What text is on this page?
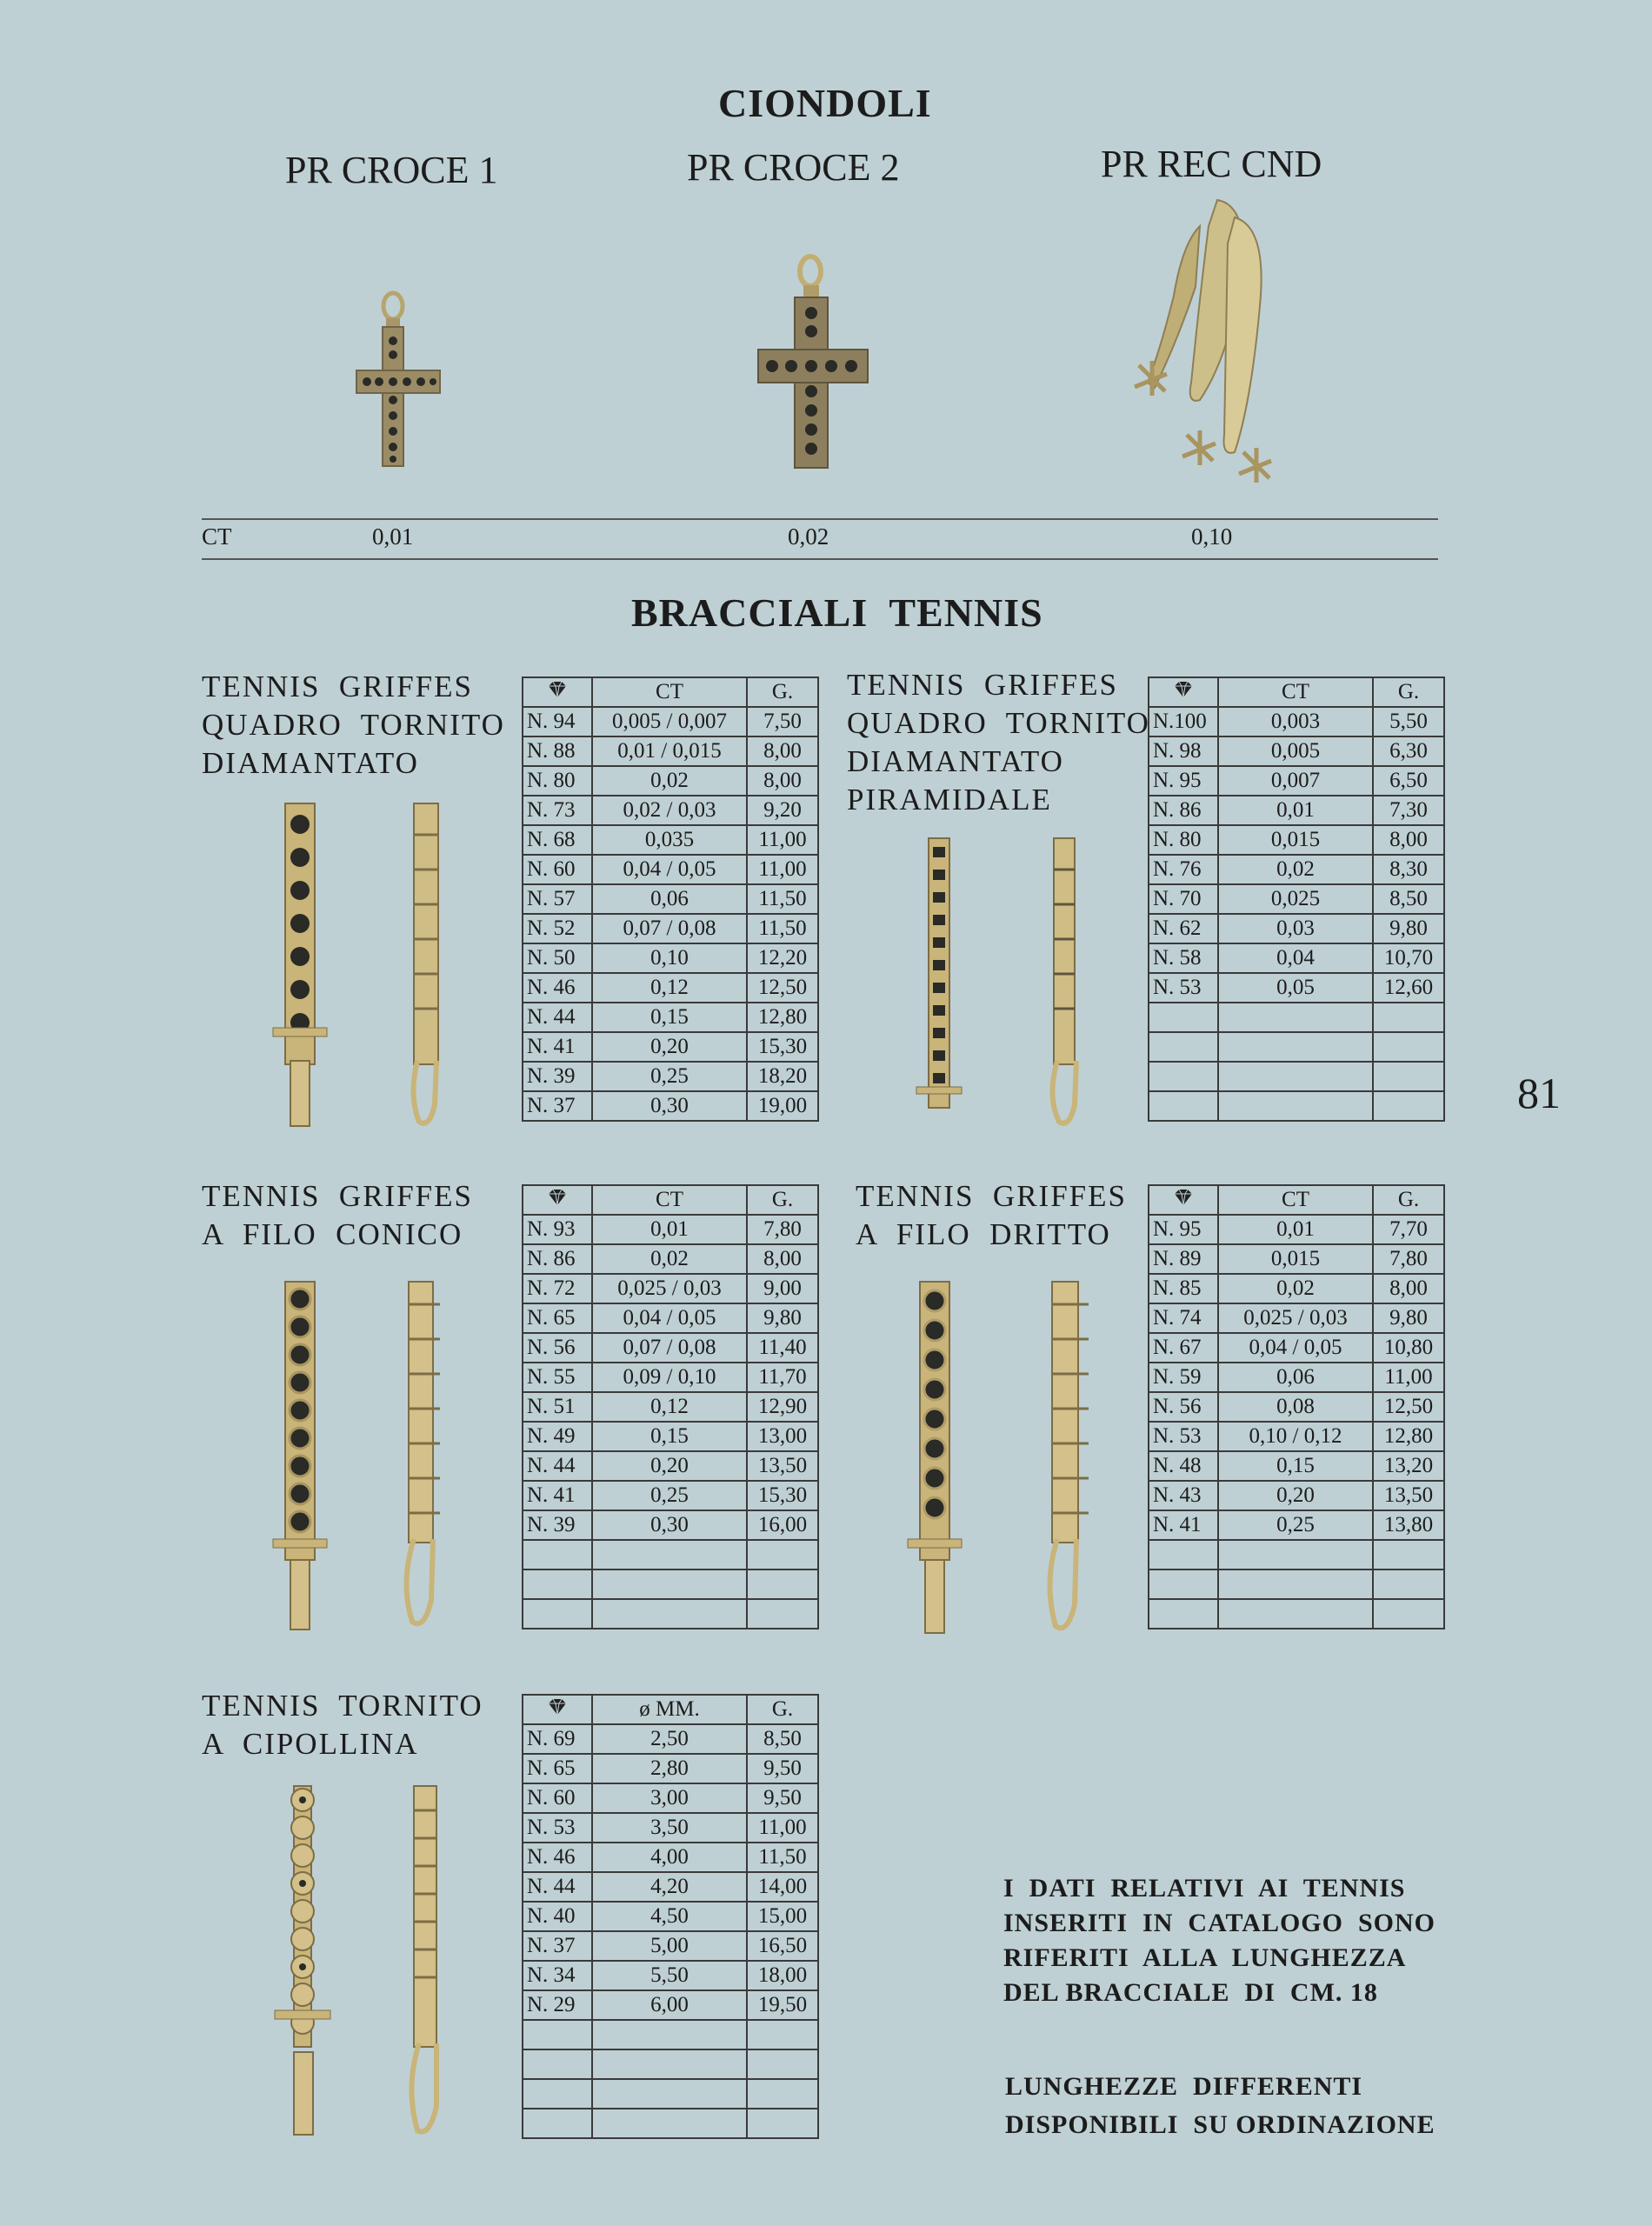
CIONDOLI
PR CROCE 1	PR CROCE 2	PR REC CND
CT	0,01	0,02	0,10
BRACCIALI  TENNIS
81
TENNIS  GRIFFES
QUADRO  TORNITO
DIAMANTATO
	CT	G.
N. 94	0,005 / 0,007	7,50
N. 88	0,01 / 0,015	8,00
N. 80	0,02	8,00
N. 73	0,02 / 0,03	9,20
N. 68	0,035	11,00
N. 60	0,04 / 0,05	11,00
N. 57	0,06	11,50
N. 52	0,07 / 0,08	11,50
N. 50	0,10	12,20
N. 46	0,12	12,50
N. 44	0,15	12,80
N. 41	0,20	15,30
N. 39	0,25	18,20
N. 37	0,30	19,00
TENNIS  GRIFFES
QUADRO  TORNITO
DIAMANTATO
PIRAMIDALE
	CT	G.
N.100	0,003	5,50
N. 98	0,005	6,30
N. 95	0,007	6,50
N. 86	0,01	7,30
N. 80	0,015	8,00
N. 76	0,02	8,30
N. 70	0,025	8,50
N. 62	0,03	9,80
N. 58	0,04	10,70
N. 53	0,05	12,60

TENNIS  GRIFFES
A  FILO  CONICO
	CT	G.
N. 93	0,01	7,80
N. 86	0,02	8,00
N. 72	0,025 / 0,03	9,00
N. 65	0,04 / 0,05	9,80
N. 56	0,07 / 0,08	11,40
N. 55	0,09 / 0,10	11,70
N. 51	0,12	12,90
N. 49	0,15	13,00
N. 44	0,20	13,50
N. 41	0,25	15,30
N. 39	0,30	16,00

TENNIS  GRIFFES
A  FILO  DRITTO
	CT	G.
N. 95	0,01	7,70
N. 89	0,015	7,80
N. 85	0,02	8,00
N. 74	0,025 / 0,03	9,80
N. 67	0,04 / 0,05	10,80
N. 59	0,06	11,00
N. 56	0,08	12,50
N. 53	0,10 / 0,12	12,80
N. 48	0,15	13,20
N. 43	0,20	13,50
N. 41	0,25	13,80

TENNIS  TORNITO
A  CIPOLLINA
	ø MM.	G.
N. 69	2,50	8,50
N. 65	2,80	9,50
N. 60	3,00	9,50
N. 53	3,50	11,00
N. 46	4,00	11,50
N. 44	4,20	14,00
N. 40	4,50	15,00
N. 37	5,00	16,50
N. 34	5,50	18,00
N. 29	6,00	19,50

I  DATI  RELATIVI  AI  TENNIS
INSERITI  IN  CATALOGO  SONO
RIFERITI  ALLA  LUNGHEZZA
DEL BRACCIALE  DI  CM. 18
LUNGHEZZE  DIFFERENTI
DISPONIBILI  SU ORDINAZIONE
